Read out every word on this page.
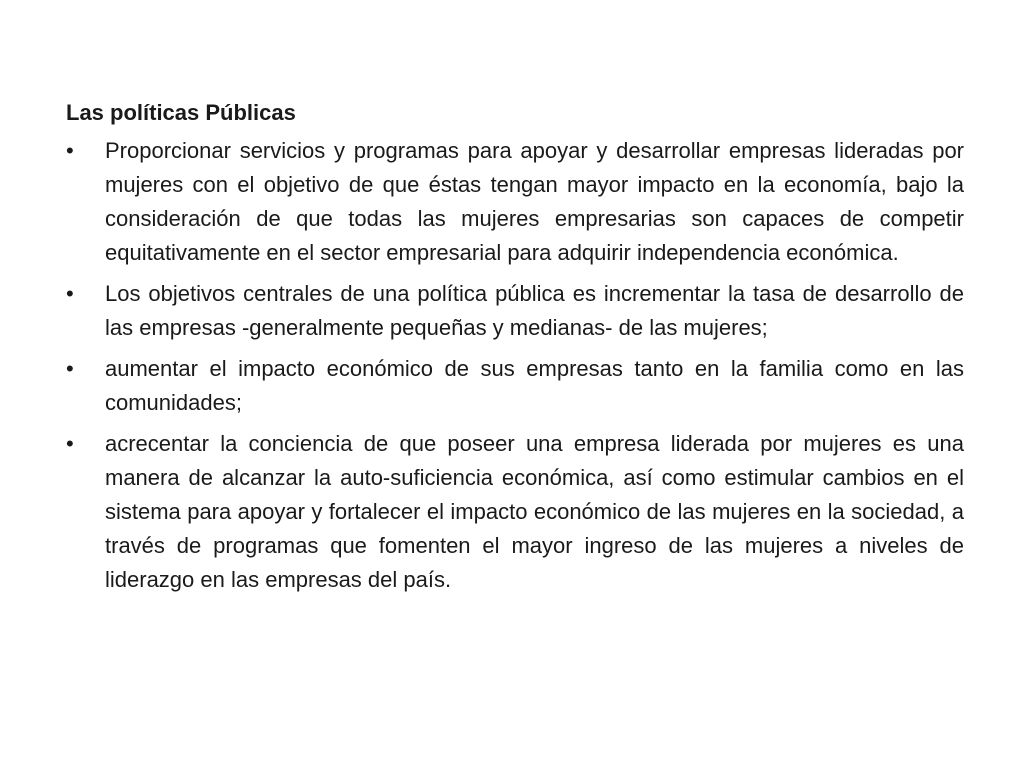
Las políticas Públicas
•	Proporcionar servicios y programas para apoyar y desarrollar empresas lideradas por mujeres con el objetivo de que éstas tengan mayor impacto en la economía, bajo la consideración de que todas las mujeres empresarias son capaces de competir equitativamente en el sector empresarial para adquirir independencia económica.
•	Los objetivos centrales de una política pública es incrementar la tasa de desarrollo de las empresas -generalmente pequeñas y medianas- de las mujeres;
•	aumentar el impacto económico de sus empresas tanto en la familia como en las comunidades;
•	acrecentar la conciencia de que poseer una empresa liderada por mujeres es una manera de alcanzar la auto-suficiencia económica, así como estimular cambios en el sistema para apoyar y fortalecer el impacto económico de las mujeres en la sociedad, a través de programas que fomenten el mayor ingreso de las mujeres a niveles de liderazgo en las empresas del país.
